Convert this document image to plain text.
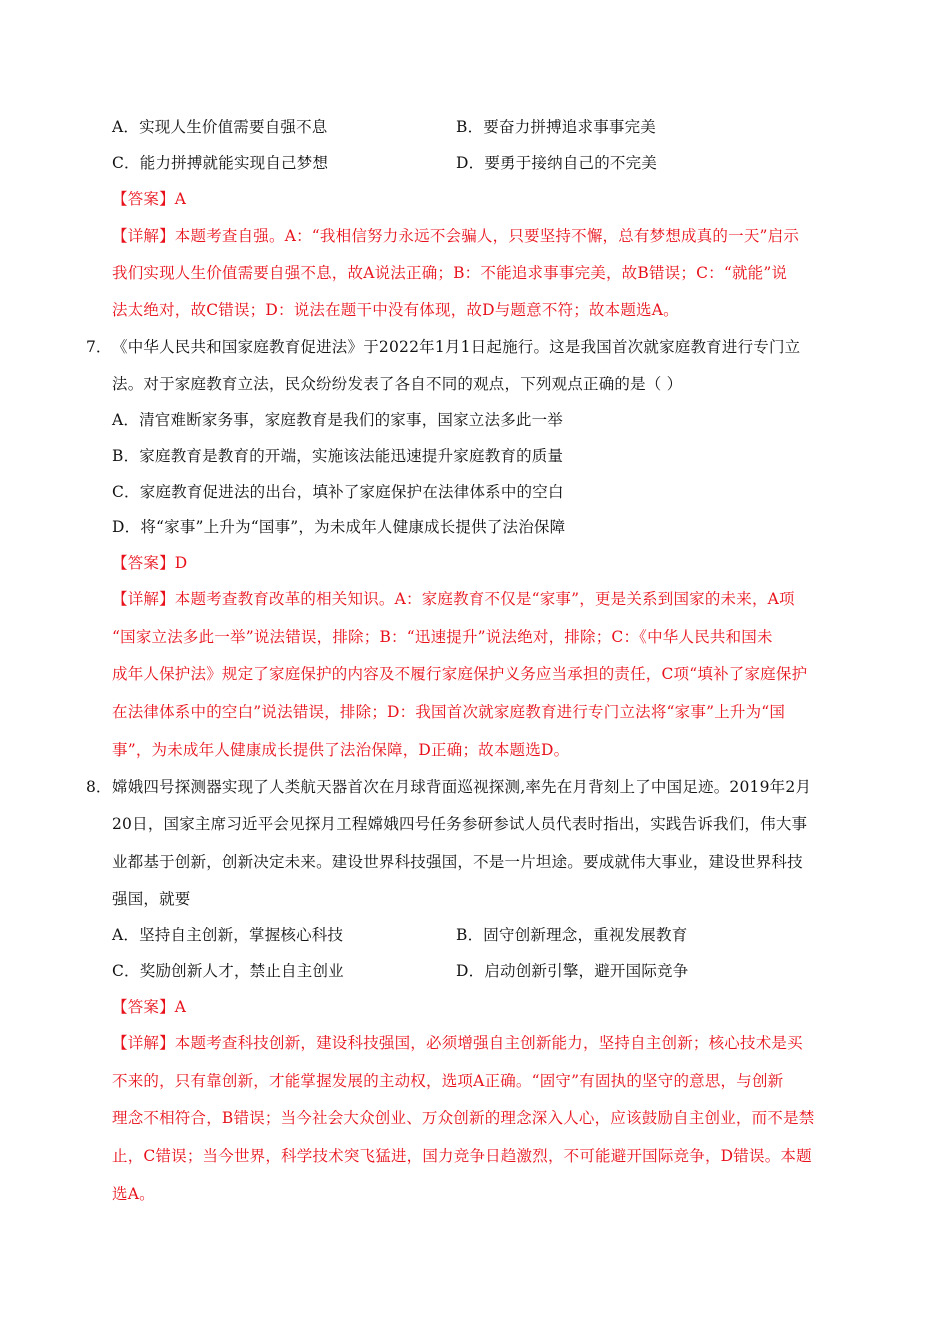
A．实现人生价值需要自强不息	B．要奋力拼搏追求事事完美
C．能力拼搏就能实现自己梦想	D．要勇于接纳自己的不完美
【答案】A
【详解】本题考查自强。A：“我相信努力永远不会骗人，只要坚持不懈，总有梦想成真的一天”启示
我们实现人生价值需要自强不息，故A说法正确；B：不能追求事事完美，故B错误；C：“就能”说
法太绝对，故C错误；D：说法在题干中没有体现，故D与题意不符；故本题选A。
7． 《中华人民共和国家庭教育促进法》于2022年1月1日起施行。这是我国首次就家庭教育进行专门立
法。对于家庭教育立法，民众纷纷发表了各自不同的观点，下列观点正确的是（ ）
A．清官难断家务事，家庭教育是我们的家事，国家立法多此一举
B．家庭教育是教育的开端，实施该法能迅速提升家庭教育的质量
C．家庭教育促进法的出台，填补了家庭保护在法律体系中的空白
D．将“家事”上升为“国事”，为未成年人健康成长提供了法治保障
【答案】D
【详解】本题考查教育改革的相关知识。A：家庭教育不仅是“家事”，更是关系到国家的未来，A项
“国家立法多此一举”说法错误，排除；B：“迅速提升”说法绝对，排除；C：《中华人民共和国未
成年人保护法》规定了家庭保护的内容及不履行家庭保护义务应当承担的责任，C项“填补了家庭保护
在法律体系中的空白”说法错误，排除；D：我国首次就家庭教育进行专门立法将“家事”上升为“国
事”，为未成年人健康成长提供了法治保障，D正确；故本题选D。
8． 嫦娥四号探测器实现了人类航天器首次在月球背面巡视探测,率先在月背刻上了中国足迹。2019年2月
20日，国家主席习近平会见探月工程嫦娥四号任务参研参试人员代表时指出，实践告诉我们，伟大事
业都基于创新，创新决定未来。建设世界科技强国，不是一片坦途。要成就伟大事业，建设世界科技
强国，就要
A．坚持自主创新，掌握核心科技	B．固守创新理念，重视发展教育
C．奖励创新人才，禁止自主创业	D．启动创新引擎，避开国际竞争
【答案】A
【详解】本题考查科技创新，建设科技强国，必须增强自主创新能力，坚持自主创新；核心技术是买
不来的，只有靠创新，才能掌握发展的主动权，选项A正确。“固守”有固执的坚守的意思，与创新
理念不相符合，B错误；当今社会大众创业、万众创新的理念深入人心，应该鼓励自主创业，而不是禁
止，C错误；当今世界，科学技术突飞猛进，国力竞争日趋激烈，不可能避开国际竞争，D错误。本题
选A。
